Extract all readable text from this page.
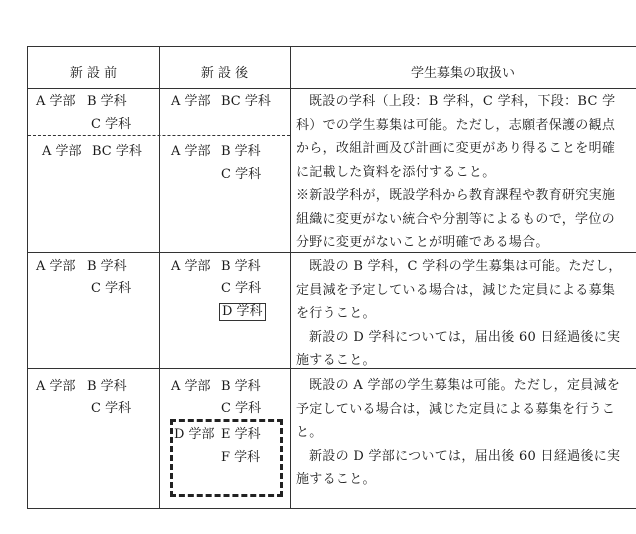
新 設 前	新 設 後	学生募集の取扱い
A 学部 B 学科
C 学科
A 学部 BC 学科
A 学部 BC 学科
A 学部 B 学科
C 学科

既設の学科（上段：B 学科，C 学科，下段：BC 学科）での学生募集は可能。ただし，志願者保護の観点から，改組計画及び計画に変更があり得ることを明確に記載した資料を添付すること。

※新設学科が，既設学科から教育課程や教育研究実施組織に変更がない統合や分割等によるもので，学位の分野に変更がないことが明確である場合。

A 学部 B 学科
C 学科
A 学部 B 学科
C 学科
D 学科

既設の B 学科，C 学科の学生募集は可能。ただし，定員減を予定している場合は，減じた定員による募集を行うこと。

新設の D 学科については，届出後 60 日経過後に実施すること。

A 学部 B 学科
C 学科
A 学部 B 学科
C 学科
D 学部 E 学科
F 学科

既設の A 学部の学生募集は可能。ただし，定員減を予定している場合は，減じた定員による募集を行うこと。

新設の D 学部については，届出後 60 日経過後に実施すること。
